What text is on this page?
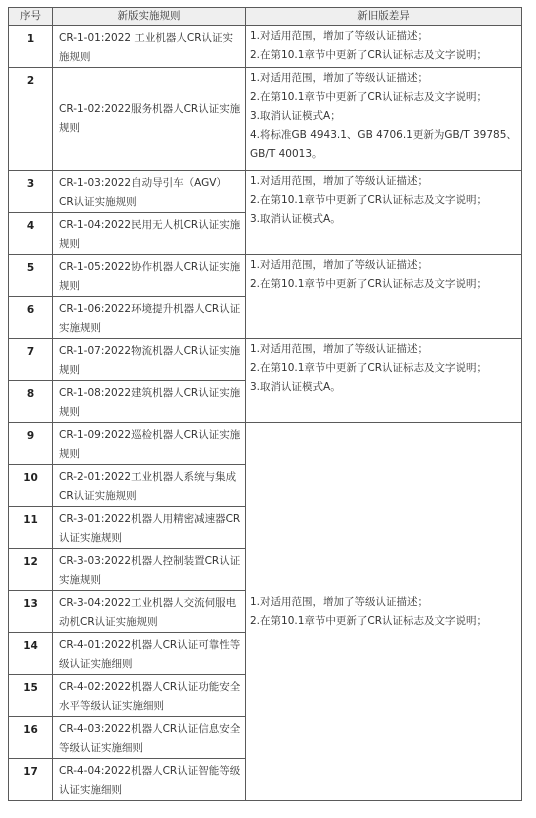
序号	新版实施规则	新旧版差异
1	CR-1-01:2022 工业机器人CR认证实施规则	1.对适用范围，增加了等级认证描述；
2.在第10.1章节中更新了CR认证标志及文字说明；

2	CR-1-02:2022服务机器人CR认证实施规则	1.对适用范围，增加了等级认证描述；
2.在第10.1章节中更新了CR认证标志及文字说明；
3.取消认证模式A；
4.将标准GB 4943.1、GB 4706.1更新为GB/T 39785、GB/T 40013。

3	CR-1-03:2022自动导引车（AGV）CR认证实施规则	1.对适用范围，增加了等级认证描述；
2.在第10.1章节中更新了CR认证标志及文字说明；
3.取消认证模式A。

4	CR-1-04:2022民用无人机CR认证实施规则	

5	CR-1-05:2022协作机器人CR认证实施规则	1.对适用范围，增加了等级认证描述；
2.在第10.1章节中更新了CR认证标志及文字说明；

6	CR-1-06:2022环境提升机器人CR认证实施规则	

7	CR-1-07:2022物流机器人CR认证实施规则	1.对适用范围，增加了等级认证描述；
2.在第10.1章节中更新了CR认证标志及文字说明；
3.取消认证模式A。

8	CR-1-08:2022建筑机器人CR认证实施规则	

9	CR-1-09:2022巡检机器人CR认证实施规则	1.对适用范围，增加了等级认证描述；
2.在第10.1章节中更新了CR认证标志及文字说明；

10	CR-2-01:2022工业机器人系统与集成CR认证实施规则	

11	CR-3-01:2022机器人用精密减速器CR认证实施规则	

12	CR-3-03:2022机器人控制装置CR认证实施规则	

13	CR-3-04:2022工业机器人交流伺服电动机CR认证实施规则	

14	CR-4-01:2022机器人CR认证可靠性等级认证实施细则	

15	CR-4-02:2022机器人CR认证功能安全水平等级认证实施细则	

16	CR-4-03:2022机器人CR认证信息安全等级认证实施细则	

17	CR-4-04:2022机器人CR认证智能等级认证实施细则	
